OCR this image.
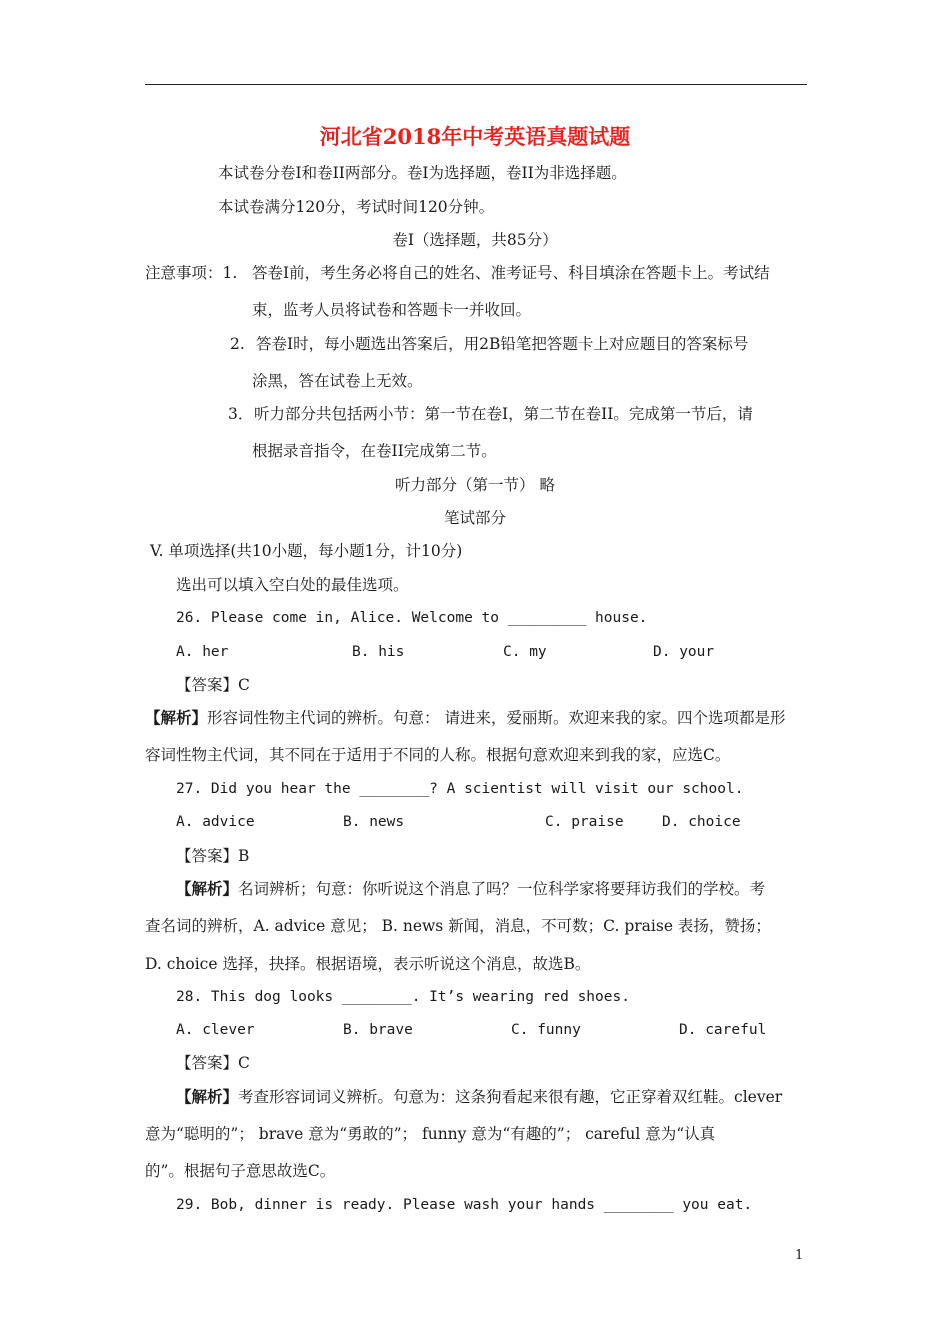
河北省2018年中考英语真题试题
本试卷分卷I和卷II两部分。卷I为选择题，卷II为非选择题。
本试卷满分120分，考试时间120分钟。
卷I（选择题，共85分）
注意事项：1. 答卷I前，考生务必将自己的姓名、准考证号、科目填涂在答题卡上。考试结
束，监考人员将试卷和答题卡一并收回。
2. 答卷I时，每小题选出答案后，用2B铅笔把答题卡上对应题目的答案标号
涂黑，答在试卷上无效。
3． 听力部分共包括两小节：第一节在卷I，第二节在卷II。完成第一节后，请
根据录音指令，在卷II完成第二节。
听力部分（第一节） 略
笔试部分
V. 单项选择(共10小题，每小题1分，计10分)
选出可以填入空白处的最佳选项。
26. Please come in, Alice. Welcome to _________ house.
A. her	B. his	C. my	D. your
【答案】C
【解析】形容词性物主代词的辨析。句意： 请进来，爱丽斯。欢迎来我的家。四个选项都是形
容词性物主代词，其不同在于适用于不同的人称。根据句意欢迎来到我的家，应选C。
27. Did you hear the ________? A scientist will visit our school.
A. advice	B. news	C. praise	D. choice
【答案】B
【解析】名词辨析；句意：你听说这个消息了吗？一位科学家将要拜访我们的学校。考
查名词的辨析，A. advice 意见； B. news 新闻，消息，不可数；C. praise 表扬，赞扬；
D. choice 选择，抉择。根据语境，表示听说这个消息，故选B。
28. This dog looks ________. It’s wearing red shoes.
A. clever	B. brave	C. funny	D. careful
【答案】C
【解析】考查形容词词义辨析。句意为：这条狗看起来很有趣，它正穿着双红鞋。clever
意为“聪明的”； brave 意为“勇敢的”； funny 意为“有趣的”； careful 意为“认真
的”。根据句子意思故选C。
29. Bob, dinner is ready. Please wash your hands ________ you eat.
1
